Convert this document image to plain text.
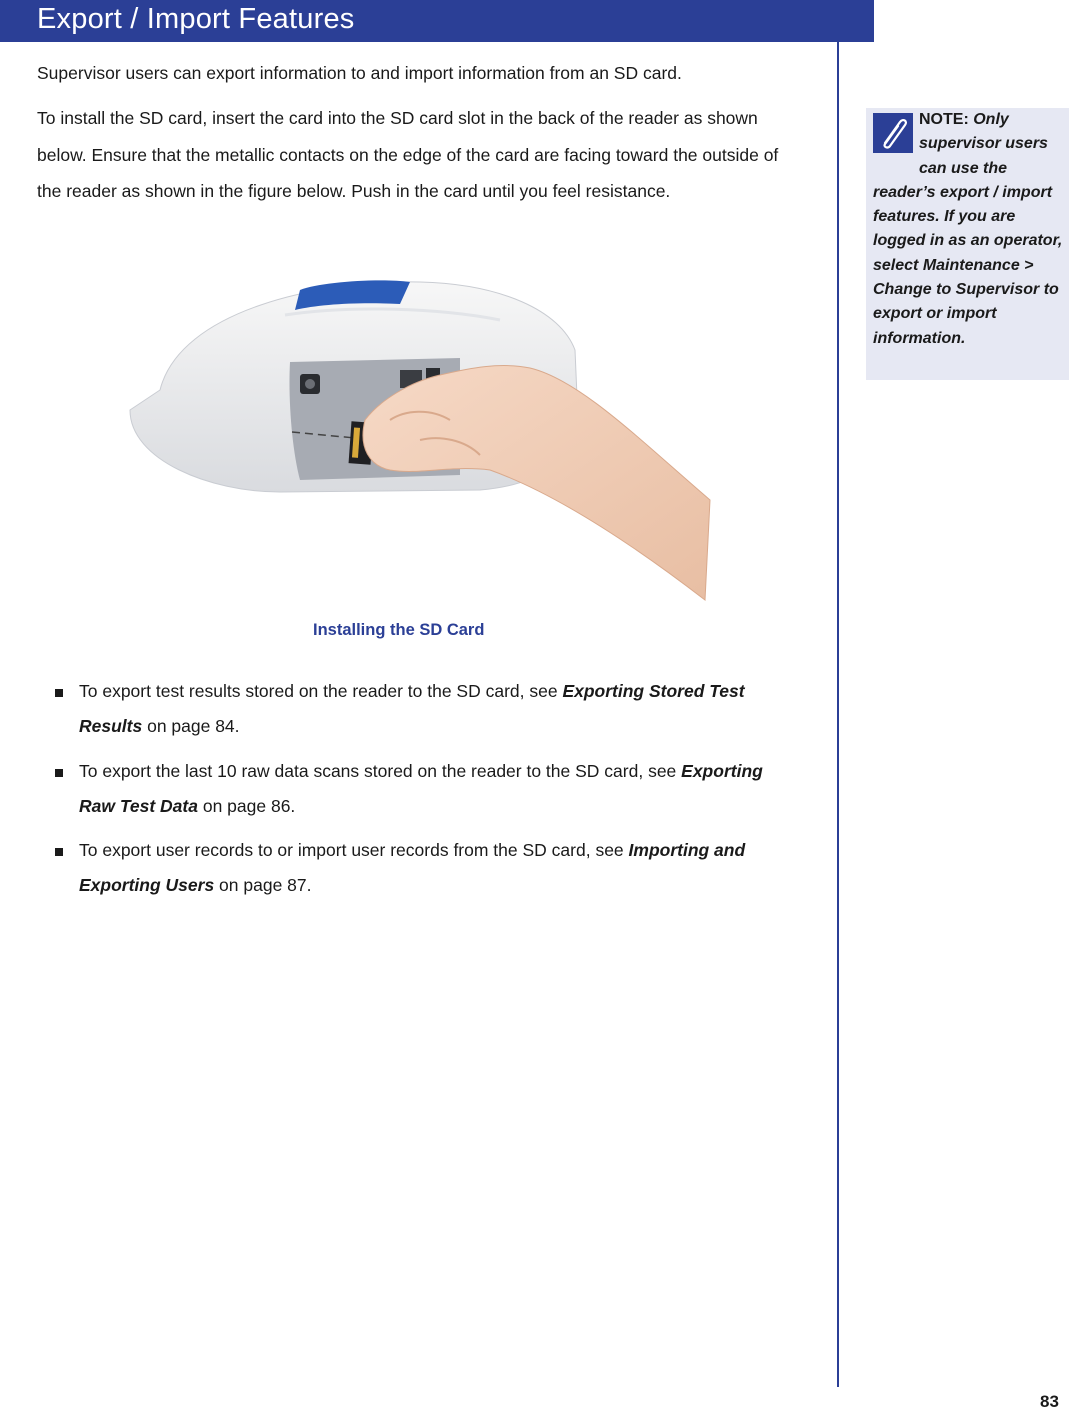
Export / Import Features

Supervisor users can export information to and import information from an SD card.

To install the SD card, insert the card into the SD card slot in the back of the reader as shown below. Ensure that the metallic contacts on the edge of the card are facing toward the outside of the reader as shown in the figure below. Push in the card until you feel resistance.

Installing the SD Card

To export test results stored on the reader to the SD card, see Exporting Stored Test Results on page 84.
To export the last 10 raw data scans stored on the reader to the SD card, see Exporting Raw Test Data on page 86.
To export user records to or import user records from the SD card, see Importing and Exporting Users on page 87.

NOTE: Only supervisor users can use the reader’s export / import features. If you are logged in as an operator, select Maintenance > Change to Supervisor to export or import information.

83
